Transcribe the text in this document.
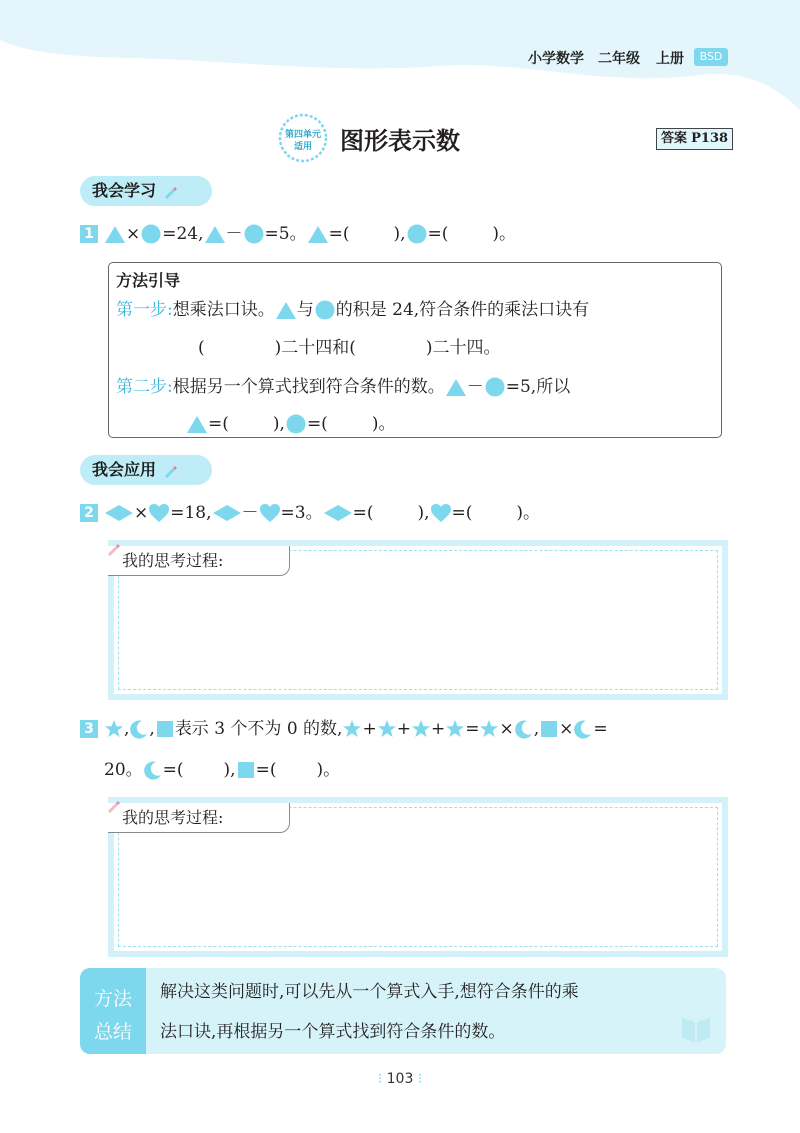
小学数学 二年级 上册	BSD
第四单元
适用	图形表示数	答案 P138
我会学习
1 × =24, － =5。 =(	), =(	)。
方法引导
第一步: 想乘法口诀。 与 的积是 24,符合条件的乘法口诀有
(	)二十四和(	)二十四。
第二步: 根据另一个算式找到符合条件的数。 － =5,所以
=(	), =(	)。
我会应用
2 × =18, － =3。 =(	), =(	)。
我的思考过程:
3 , , 表示 3 个不为 0 的数, + + + = × , × =
20。 =( ), =( )。
我的思考过程:
方法
总结
解决这类问题时,可以先从一个算式入手,想符合条件的乘
法口诀,再根据另一个算式找到符合条件的数。
⁝ 103 ⁝
